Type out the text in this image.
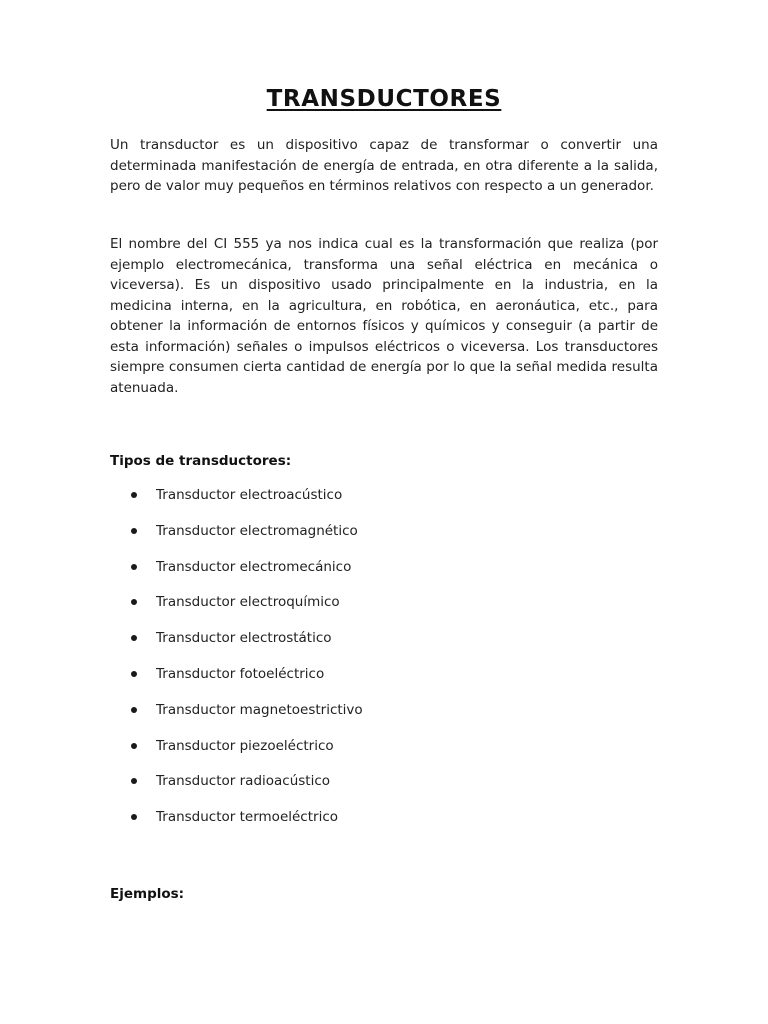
TRANSDUCTORES

Un transductor es un dispositivo capaz de transformar o convertir una determinada manifestación de energía de entrada, en otra diferente a la salida, pero de valor muy pequeños en términos relativos con respecto a un generador.

El nombre del CI 555 ya nos indica cual es la transformación que realiza (por ejemplo electromecánica, transforma una señal eléctrica en mecánica o viceversa). Es un dispositivo usado principalmente en la industria, en la medicina interna, en la agricultura, en robótica, en aeronáutica, etc., para obtener la información de entornos físicos y químicos y conseguir (a partir de esta información) señales o impulsos eléctricos o viceversa. Los transductores siempre consumen cierta cantidad de energía por lo que la señal medida resulta atenuada.

Tipos de transductores:
Transductor electroacústico
Transductor electromagnético
Transductor electromecánico
Transductor electroquímico
Transductor electrostático
Transductor fotoeléctrico
Transductor magnetoestrictivo
Transductor piezoeléctrico
Transductor radioacústico
Transductor termoeléctrico
Ejemplos:
